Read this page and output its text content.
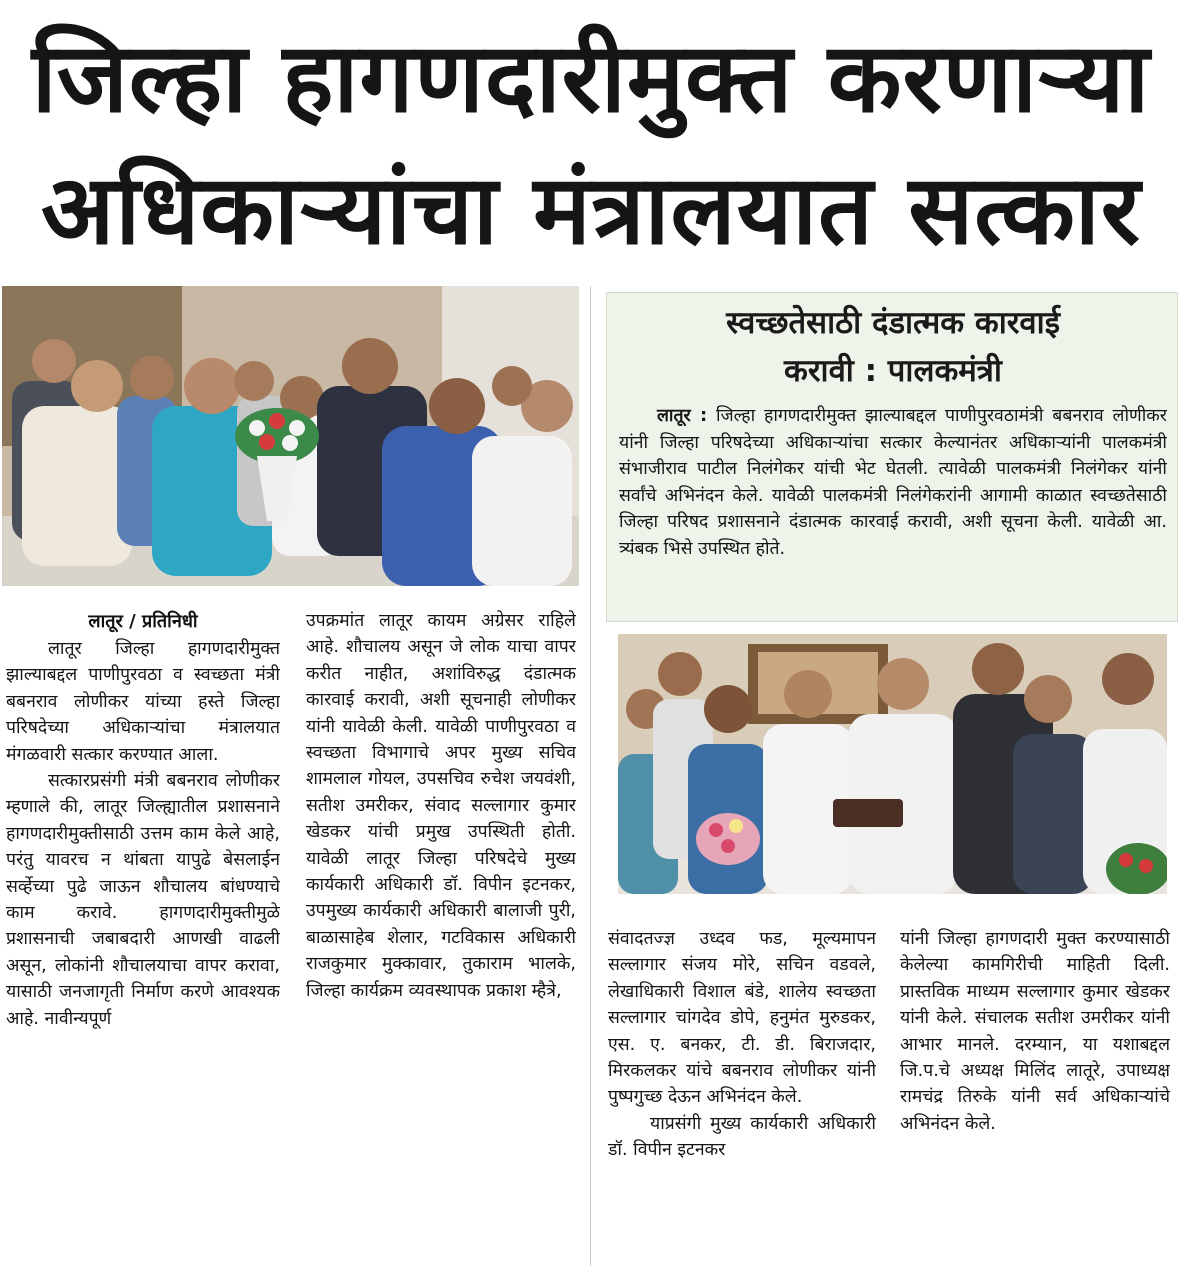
जिल्हा हागणदारीमुक्त करणाऱ्या
अधिकाऱ्यांचा मंत्रालयात सत्कार
लातूर / प्रतिनिधी

लातूर जिल्हा हागणदारीमुक्त झाल्याबद्दल पाणीपुरवठा व स्वच्छता मंत्री बबनराव लोणीकर यांच्या हस्ते जिल्हा परिषदेच्या अधिकाऱ्यांचा मंत्रालयात मंगळवारी सत्कार करण्यात आला.

सत्कारप्रसंगी मंत्री बबनराव लोणीकर म्हणाले की, लातूर जिल्ह्यातील प्रशासनाने हागणदारीमुक्तीसाठी उत्तम काम केले आहे, परंतु यावरच न थांबता यापुढे बेसलाईन सर्व्हेच्या पुढे जाऊन शौचालय बांधण्याचे काम करावे. हागणदारीमुक्तीमुळे प्रशासनाची जबाबदारी आणखी वाढली असून, लोकांनी शौचालयाचा वापर करावा, यासाठी जनजागृती निर्माण करणे आवश्यक आहे. नावीन्यपूर्ण

उपक्रमांत लातूर कायम अग्रेसर राहिले आहे. शौचालय असून जे लोक याचा वापर करीत नाहीत, अशांविरुद्ध दंडात्मक कारवाई करावी, अशी सूचनाही लोणीकर यांनी यावेळी केली. यावेळी पाणीपुरवठा व स्वच्छता विभागाचे अपर मुख्य सचिव शामलाल गोयल, उपसचिव रुचेश जयवंशी, सतीश उमरीकर, संवाद सल्लागार कुमार खेडकर यांची प्रमुख उपस्थिती होती. यावेळी लातूर जिल्हा परिषदेचे मुख्य कार्यकारी अधिकारी डॉ. विपीन इटनकर, उपमुख्य कार्यकारी अधिकारी बालाजी पुरी, बाळासाहेब शेलार, गटविकास अधिकारी राजकुमार मुक्कावार, तुकाराम भालके, जिल्हा कार्यक्रम व्यवस्थापक प्रकाश म्हैत्रे,

स्वच्छतेसाठी दंडात्मक कारवाई
करावी : पालकमंत्री

लातूर : जिल्हा हागणदारीमुक्त झाल्याबद्दल पाणीपुरवठामंत्री बबनराव लोणीकर यांनी जिल्हा परिषदेच्या अधिकाऱ्यांचा सत्कार केल्यानंतर अधिकाऱ्यांनी पालकमंत्री संभाजीराव पाटील निलंगेकर यांची भेट घेतली. त्यावेळी पालकमंत्री निलंगेकर यांनी सर्वांचे अभिनंदन केले. यावेळी पालकमंत्री निलंगेकरांनी आगामी काळात स्वच्छतेसाठी जिल्हा परिषद प्रशासनाने दंडात्मक कारवाई करावी, अशी सूचना केली. यावेळी आ. त्र्यंबक भिसे उपस्थित होते.

संवादतज्ज्ञ उध्दव फड, मूल्यमापन सल्लागार संजय मोरे, सचिन वडवले, लेखाधिकारी विशाल बंडे, शालेय स्वच्छता सल्लागार चांगदेव डोपे, हनुमंत मुरुडकर, एस. ए. बनकर, टी. डी. बिराजदार, मिरकलकर यांचे बबनराव लोणीकर यांनी पुष्पगुच्छ देऊन अभिनंदन केले.

याप्रसंगी मुख्य कार्यकारी अधिकारी डॉ. विपीन इटनकर

यांनी जिल्हा हागणदारी मुक्त करण्यासाठी केलेल्या कामगिरीची माहिती दिली. प्रास्तविक माध्यम सल्लागार कुमार खेडकर यांनी केले. संचालक सतीश उमरीकर यांनी आभार मानले. दरम्यान, या यशाबद्दल जि.प.चे अध्यक्ष मिलिंद लातूरे, उपाध्यक्ष रामचंद्र तिरुके यांनी सर्व अधिकाऱ्यांचे अभिनंदन केले.
